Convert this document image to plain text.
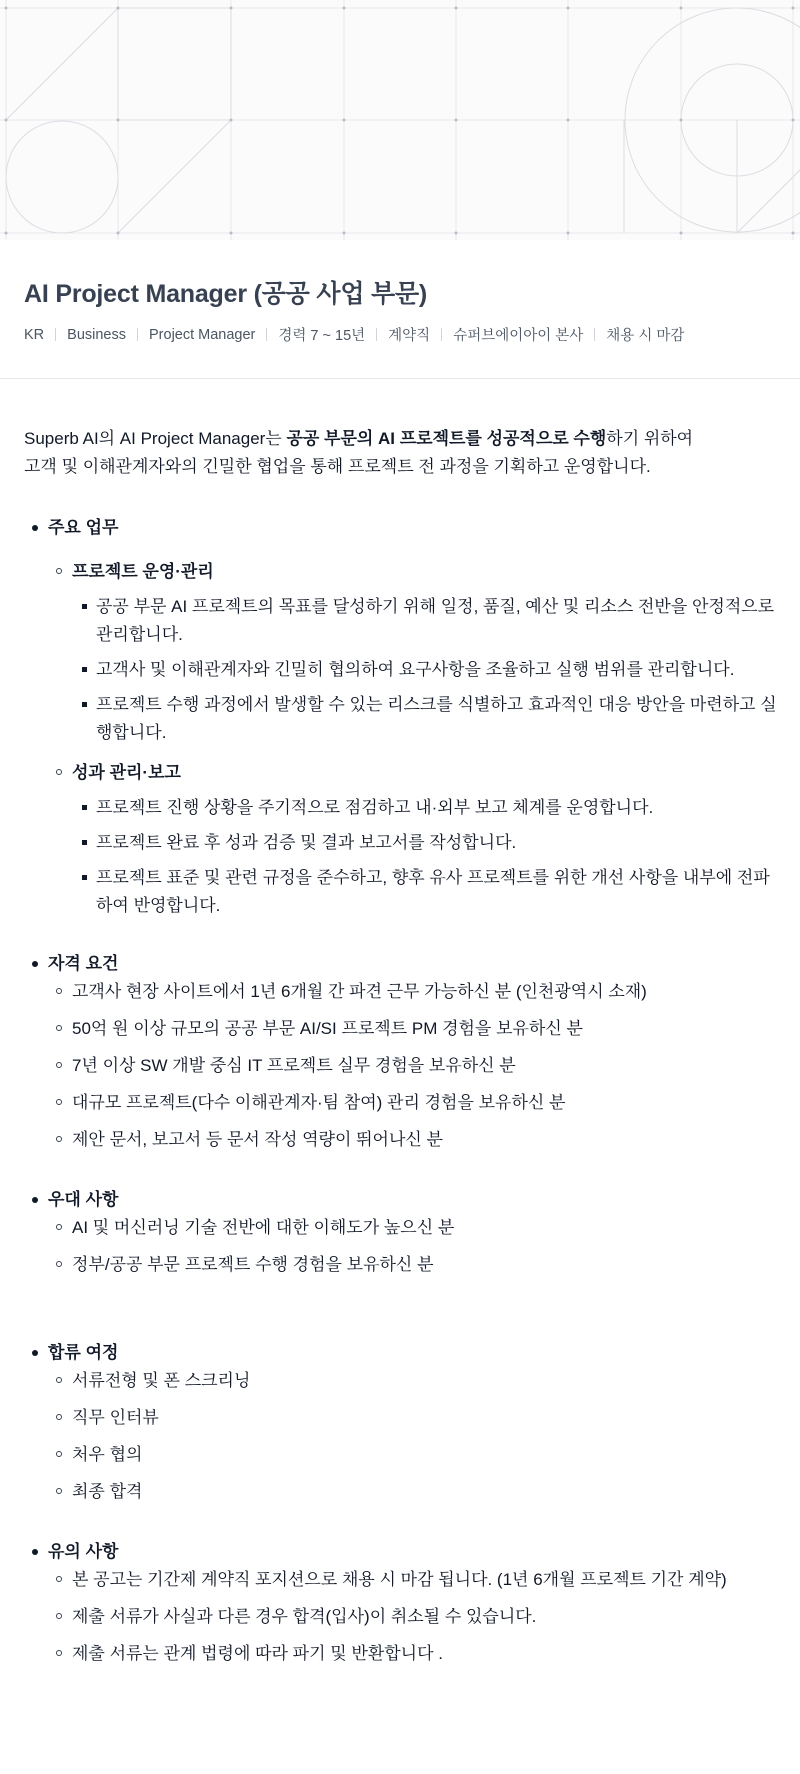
AI Project Manager (공공 사업 부문)
KR Business Project Manager 경력 7 ~ 15년 계약직 슈퍼브에이아이 본사 채용 시 마감

Superb AI의 AI Project Manager는 공공 부문의 AI 프로젝트를 성공적으로 수행하기 위하여
고객 및 이해관계자와의 긴밀한 협업을 통해 프로젝트 전 과정을 기획하고 운영합니다.

주요 업무
프로젝트 운영·관리
공공 부문 AI 프로젝트의 목표를 달성하기 위해 일정, 품질, 예산 및 리소스 전반을 안정적으로 관리합니다.
고객사 및 이해관계자와 긴밀히 협의하여 요구사항을 조율하고 실행 범위를 관리합니다.
프로젝트 수행 과정에서 발생할 수 있는 리스크를 식별하고 효과적인 대응 방안을 마련하고 실행합니다.
성과 관리·보고
프로젝트 진행 상황을 주기적으로 점검하고 내·외부 보고 체계를 운영합니다.
프로젝트 완료 후 성과 검증 및 결과 보고서를 작성합니다.
프로젝트 표준 및 관련 규정을 준수하고, 향후 유사 프로젝트를 위한 개선 사항을 내부에 전파하여 반영합니다.
자격 요건
고객사 현장 사이트에서 1년 6개월 간 파견 근무 가능하신 분 (인천광역시 소재)
50억 원 이상 규모의 공공 부문 AI/SI 프로젝트 PM 경험을 보유하신 분
7년 이상 SW 개발 중심 IT 프로젝트 실무 경험을 보유하신 분
대규모 프로젝트(다수 이해관계자·팀 참여) 관리 경험을 보유하신 분
제안 문서, 보고서 등 문서 작성 역량이 뛰어나신 분
우대 사항
AI 및 머신러닝 기술 전반에 대한 이해도가 높으신 분
정부/공공 부문 프로젝트 수행 경험을 보유하신 분
합류 여정
서류전형 및 폰 스크리닝
직무 인터뷰
처우 협의
최종 합격
유의 사항
본 공고는 기간제 계약직 포지션으로 채용 시 마감 됩니다. (1년 6개월 프로젝트 기간 계약)
제출 서류가 사실과 다른 경우 합격(입사)이 취소될 수 있습니다.
제출 서류는 관계 법령에 따라 파기 및 반환합니다 .
